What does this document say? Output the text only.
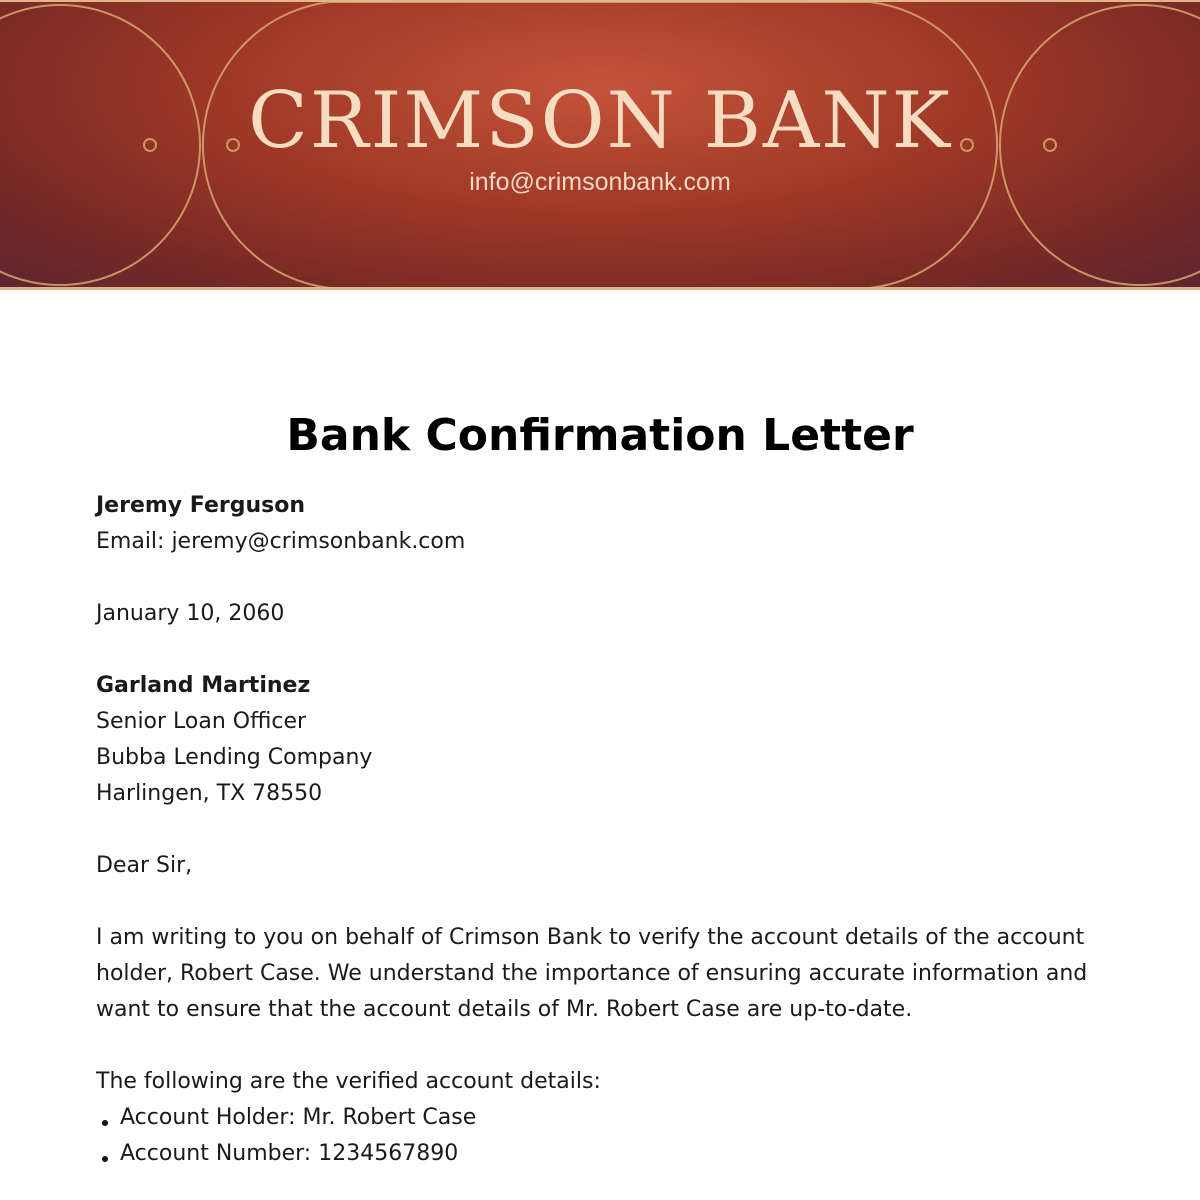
CRIMSON BANK
info@crimsonbank.com
Bank Confirmation Letter

Jeremy Ferguson

Email: jeremy@crimsonbank.com

January 10, 2060

Garland Martinez

Senior Loan Officer

Bubba Lending Company

Harlingen, TX 78550

Dear Sir,

I am writing to you on behalf of Crimson Bank to verify the account details of the account holder, Robert Case. We understand the importance of ensuring accurate information and want to ensure that the account details of Mr. Robert Case are up-to-date.

The following are the verified account details:

Account Holder: Mr. Robert Case
Account Number: 1234567890
